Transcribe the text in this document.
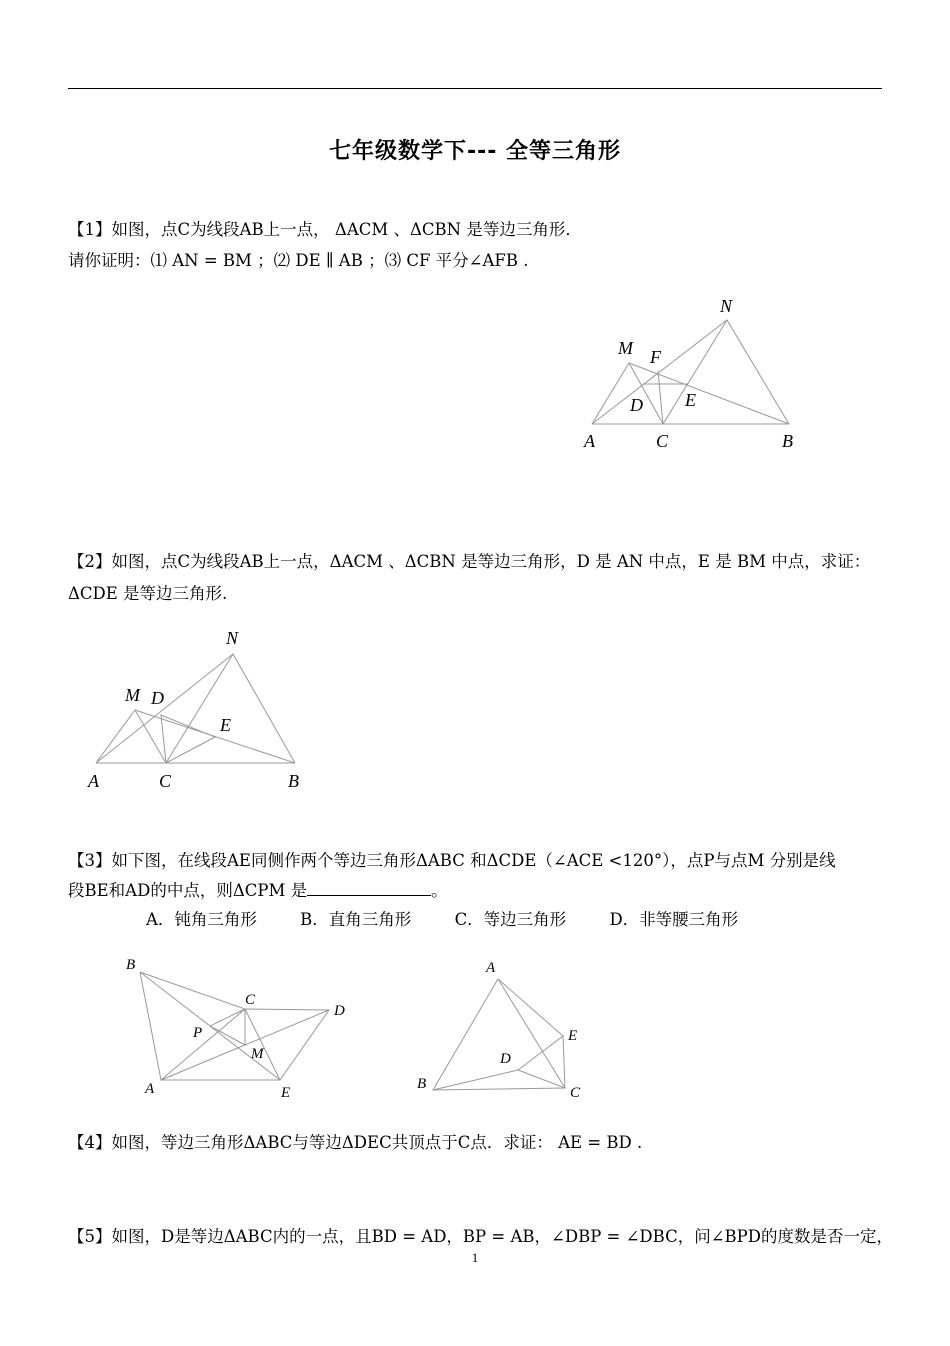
七年级数学下--- 全等三角形
【1】如图，点C为线段AB上一点， ΔACM 、ΔCBN 是等边三角形．
请你证明：⑴ AN = BM ；⑵ DE ∥ AB ；⑶ CF 平分∠AFB .
【2】如图，点C为线段AB上一点，ΔACM 、ΔCBN 是等边三角形，D 是 AN 中点，E 是 BM 中点，求证：
ΔCDE 是等边三角形.
【3】如下图，在线段AE同侧作两个等边三角形ΔABC 和ΔCDE（∠ACE <120°），点P与点M 分别是线
段BE和AD的中点，则ΔCPM 是	。
A．钝角三角形	B．直角三角形	C．等边三角形	D．非等腰三角形
【4】如图，等边三角形ΔABC与等边ΔDEC共顶点于C点．求证： AE = BD .
【5】如图，D是等边ΔABC内的一点，且BD = AD，BP = AB，∠DBP = ∠DBC，问∠BPD的度数是否一定，
1
N
M F
D E
A	C	B
N
M D
E
A	C	B
B
C
D
P
M
A	E
A
E
D
B
C
